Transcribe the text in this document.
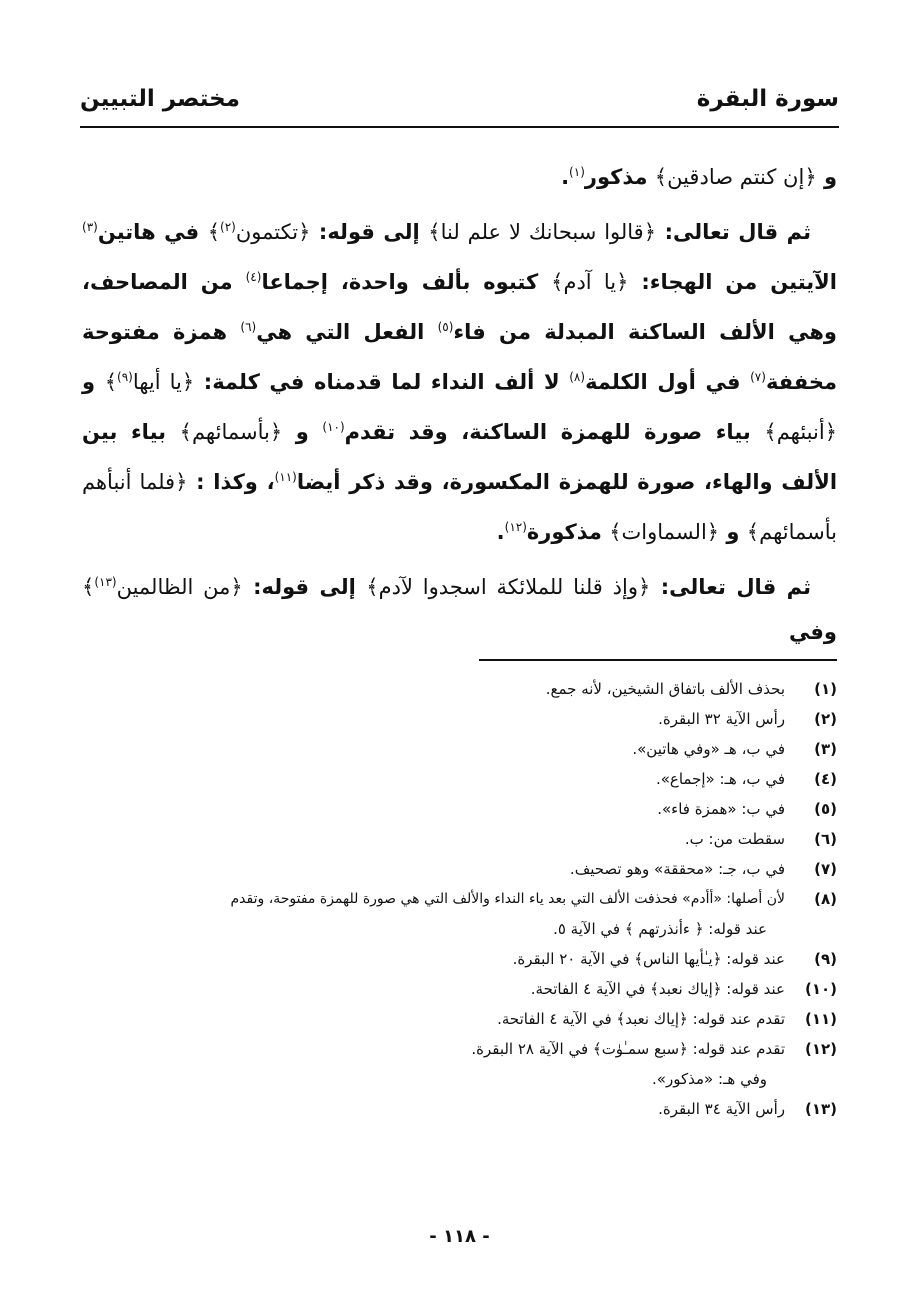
سورة البقرة
مختصر التبيين

و ﴿إن كنتم صادقين﴾ مذكور$^{(١)}$.

ثم قال تعالى: ﴿قالوا سبحانك لا علم لنا﴾ إلى قوله: ﴿تكتمون$^{(٢)}$﴾ في هاتين$^{(٣)}$ الآيتين من الهجاء: ﴿يا آدم﴾ كتبوه بألف واحدة، إجماعا$^{(٤)}$ من المصاحف، وهي الألف الساكنة المبدلة من فاء$^{(٥)}$ الفعل التي هي$^{(٦)}$ همزة مفتوحة مخففة$^{(٧)}$ في أول الكلمة$^{(٨)}$ لا ألف النداء لما قدمناه في كلمة: ﴿يا أيها$^{(٩)}$﴾ و ﴿أنبئهم﴾ بياء صورة للهمزة الساكنة، وقد تقدم$^{(١٠)}$ و ﴿بأسمائهم﴾ بياء بين الألف والهاء، صورة للهمزة المكسورة، وقد ذكر أيضا$^{(١١)}$، وكذا : ﴿فلما أنبأهم بأسمائهم﴾ و ﴿السماوات﴾ مذكورة$^{(١٢)}$.

ثم قال تعالى: ﴿وإذ قلنا للملائكة اسجدوا لآدم﴾ إلى قوله: ﴿من الظالمين$^{(١٣)}$﴾ وفي

(١)
بحذف الألف باتفاق الشيخين، لأنه جمع.
(٢)
رأس الآية ٣٢ البقرة.
(٣)
في ب، هـ «وفي هاتين».
(٤)
في ب، هـ: «إجماع».
(٥)
في ب: «همزة فاء».
(٦)
سقطت من: ب.
(٧)
في ب، جـ: «محققة» وهو تصحيف.
(٨)
لأن أصلها: «أأدم» فحذفت الألف التي بعد ياء النداء والألف التي هي صورة للهمزة مفتوحة، وتقدم
عند قوله: ﴿ ءأنذرتهم ﴾ في الآية ٥.
(٩)
عند قوله: ﴿يـٰأيها الناس﴾ في الآية ٢٠ البقرة.
(١٠)
عند قوله: ﴿إياك نعبد﴾ في الآية ٤ الفاتحة.
(١١)
تقدم عند قوله: ﴿إياك نعبد﴾ في الآية ٤ الفاتحة.
(١٢)
تقدم عند قوله: ﴿سبع سمـٰوٰت﴾ في الآية ٢٨ البقرة.
وفي هـ: «مذكور».
(١٣)
رأس الآية ٣٤ البقرة.
- ١١٨ -
